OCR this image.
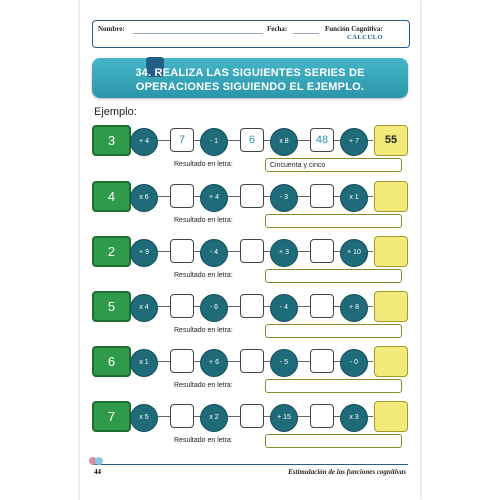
Nombre:	Fecha:	Función Cognitiva:
CÁLCULO
34. REALIZA LAS SIGUIENTES SERIES DE OPERACIONES SIGUIENDO EL EJEMPLO.
Ejemplo:
3	+ 4	- 1	x 8	+ 7
7	6	48	55
Resultado en letra:	Cincuenta y cinco
4	x 6	+ 4	- 3	x 1
Resultado en letra:
2	+ 9	- 4	+ 3	+ 10
Resultado en letra:
5	x 4	- 6	- 4	+ 8
Resultado en letra:
6	x 1	+ 6	- 5	- 0
Resultado en letra:
7	x 5	x 2	+ 15	x 3
Resultado en letra:
Estimulación de las funciones cognitivas
44
